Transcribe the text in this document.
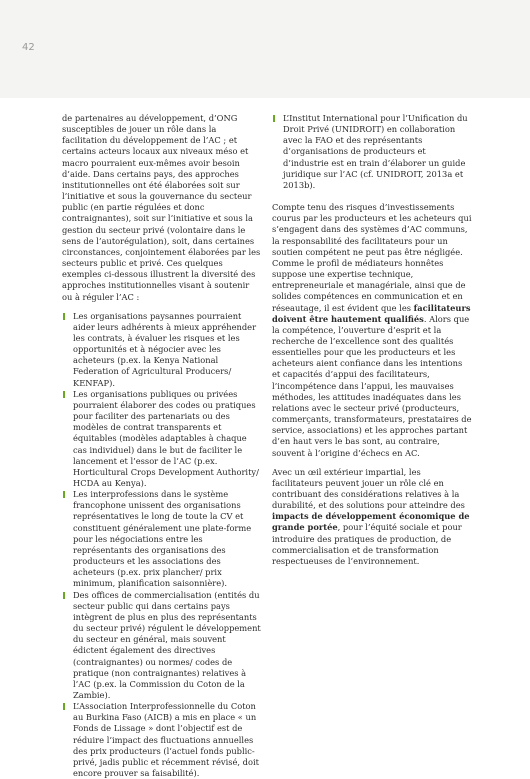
42

de partenaires au développement, d’ONG susceptibles de jouer un rôle dans la facilitation du développement de l’AC ; et certains acteurs locaux aux niveaux méso et macro pourraient eux-mêmes avoir besoin d’aide. Dans certains pays, des approches institutionnelles ont été élaborées soit sur l’initiative et sous la gouvernance du secteur public (en partie régulées et donc contraignantes), soit sur l’initiative et sous la gestion du secteur privé (volontaire dans le sens de l’autorégulation), soit, dans certaines circonstances, conjointement élaborées par les secteurs public et privé. Ces quelques exemples ci-dessous illustrent la diversité des approches institutionnelles visant à soutenir ou à réguler l’AC :

Les organisations paysannes pourraient aider leurs adhérents à mieux appréhender les contrats, à évaluer les risques et les opportunités et à négocier avec les acheteurs (p.ex. la Kenya National Federation of Agricultural Producers/ KENFAP).
Les organisations publiques ou privées pourraient élaborer des codes ou pratiques pour faciliter des partenariats ou des modèles de contrat transparents et équitables (modèles adaptables à chaque cas individuel) dans le but de faciliter le lancement et l’essor de l’AC (p.ex. Horticultural Crops Development Authority/ HCDA au Kenya).
Les interprofessions dans le système francophone unissent des organisations représentatives le long de toute la CV et constituent généralement une plate-forme pour les négociations entre les représentants des organisations des producteurs et les associations des acheteurs (p.ex. prix plancher/ prix minimum, planification saisonnière).
Des offices de commercialisation (entités du secteur public qui dans certains pays intègrent de plus en plus des représentants du secteur privé) régulent le développement du secteur en général, mais souvent édictent également des directives (contraignantes) ou normes/ codes de pratique (non contraignantes) relatives à l’AC (p.ex. la Commission du Coton de la Zambie).
L’Association Interprofessionnelle du Coton au Burkina Faso (AICB) a mis en place « un Fonds de Lissage » dont l’objectif est de réduire l’impact des fluctuations annuelles des prix producteurs (l’actuel fonds public-privé, jadis public et récemment révisé, doit encore prouver sa faisabilité).
L’Institut International pour l’Unification du Droit Privé (UNIDROIT) en collaboration avec la FAO et des représentants d’organisations de producteurs et d’industrie est en train d’élaborer un guide juridique sur l’AC (cf. UNIDROIT, 2013a et 2013b).

Compte tenu des risques d’investissements courus par les producteurs et les acheteurs qui s’engagent dans des systèmes d’AC communs, la responsabilité des facilitateurs pour un soutien compétent ne peut pas être négligée. Comme le profil de médiateurs honnêtes suppose une expertise technique, entrepreneuriale et managériale, ainsi que de solides compétences en communication et en réseautage, il est évident que les facilitateurs doivent être hautement qualifiés. Alors que la compétence, l’ouverture d’esprit et la recherche de l’excellence sont des qualités essentielles pour que les producteurs et les acheteurs aient confiance dans les intentions et capacités d’appui des facilitateurs, l’incompétence dans l’appui, les mauvaises méthodes, les attitudes inadéquates dans les relations avec le secteur privé (producteurs, commerçants, transformateurs, prestataires de service, associations) et les approches partant d’en haut vers le bas sont, au contraire, souvent à l’origine d’échecs en AC.

Avec un œil extérieur impartial, les facilitateurs peuvent jouer un rôle clé en contribuant des considérations relatives à la durabilité, et des solutions pour atteindre des impacts de développement économique de grande portée, pour l’équité sociale et pour introduire des pratiques de production, de commercialisation et de transformation respectueuses de l’environnement.
